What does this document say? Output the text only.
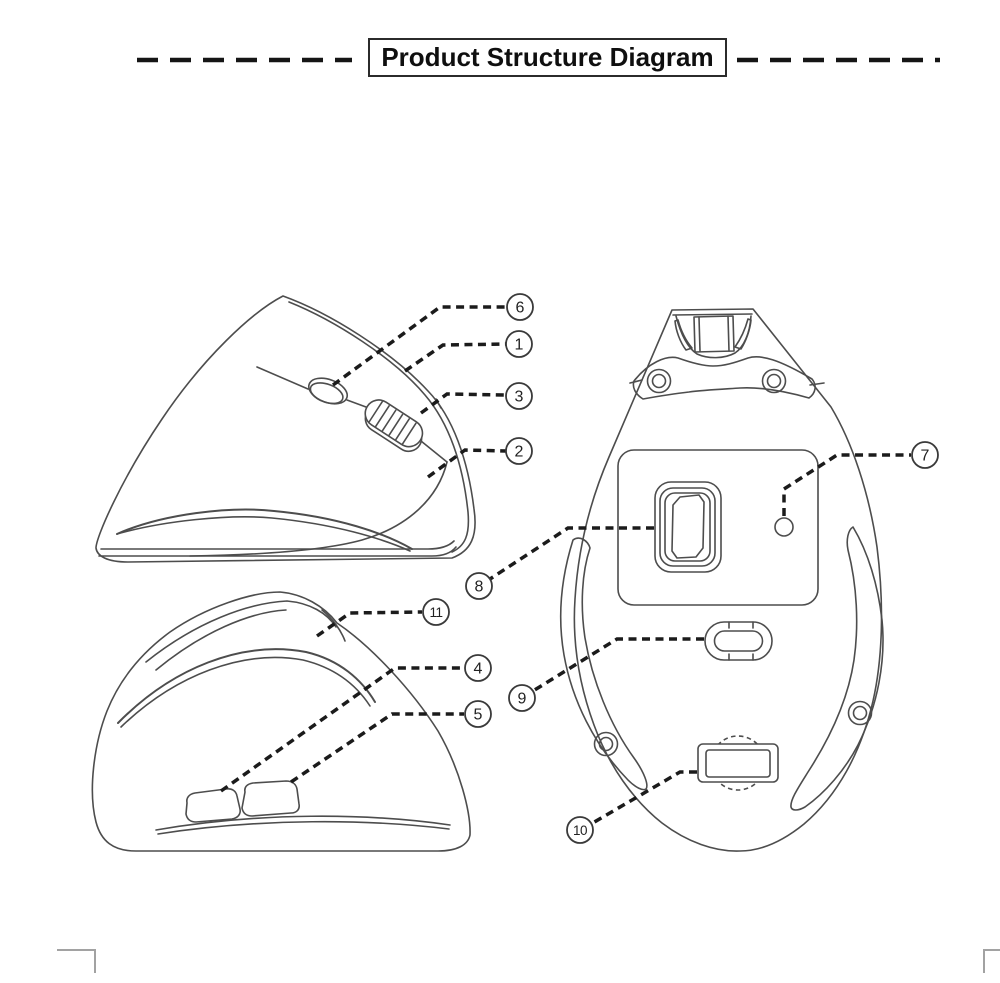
6
1
3
2
11
4
5
7
8
9
10
Product Structure Diagram
